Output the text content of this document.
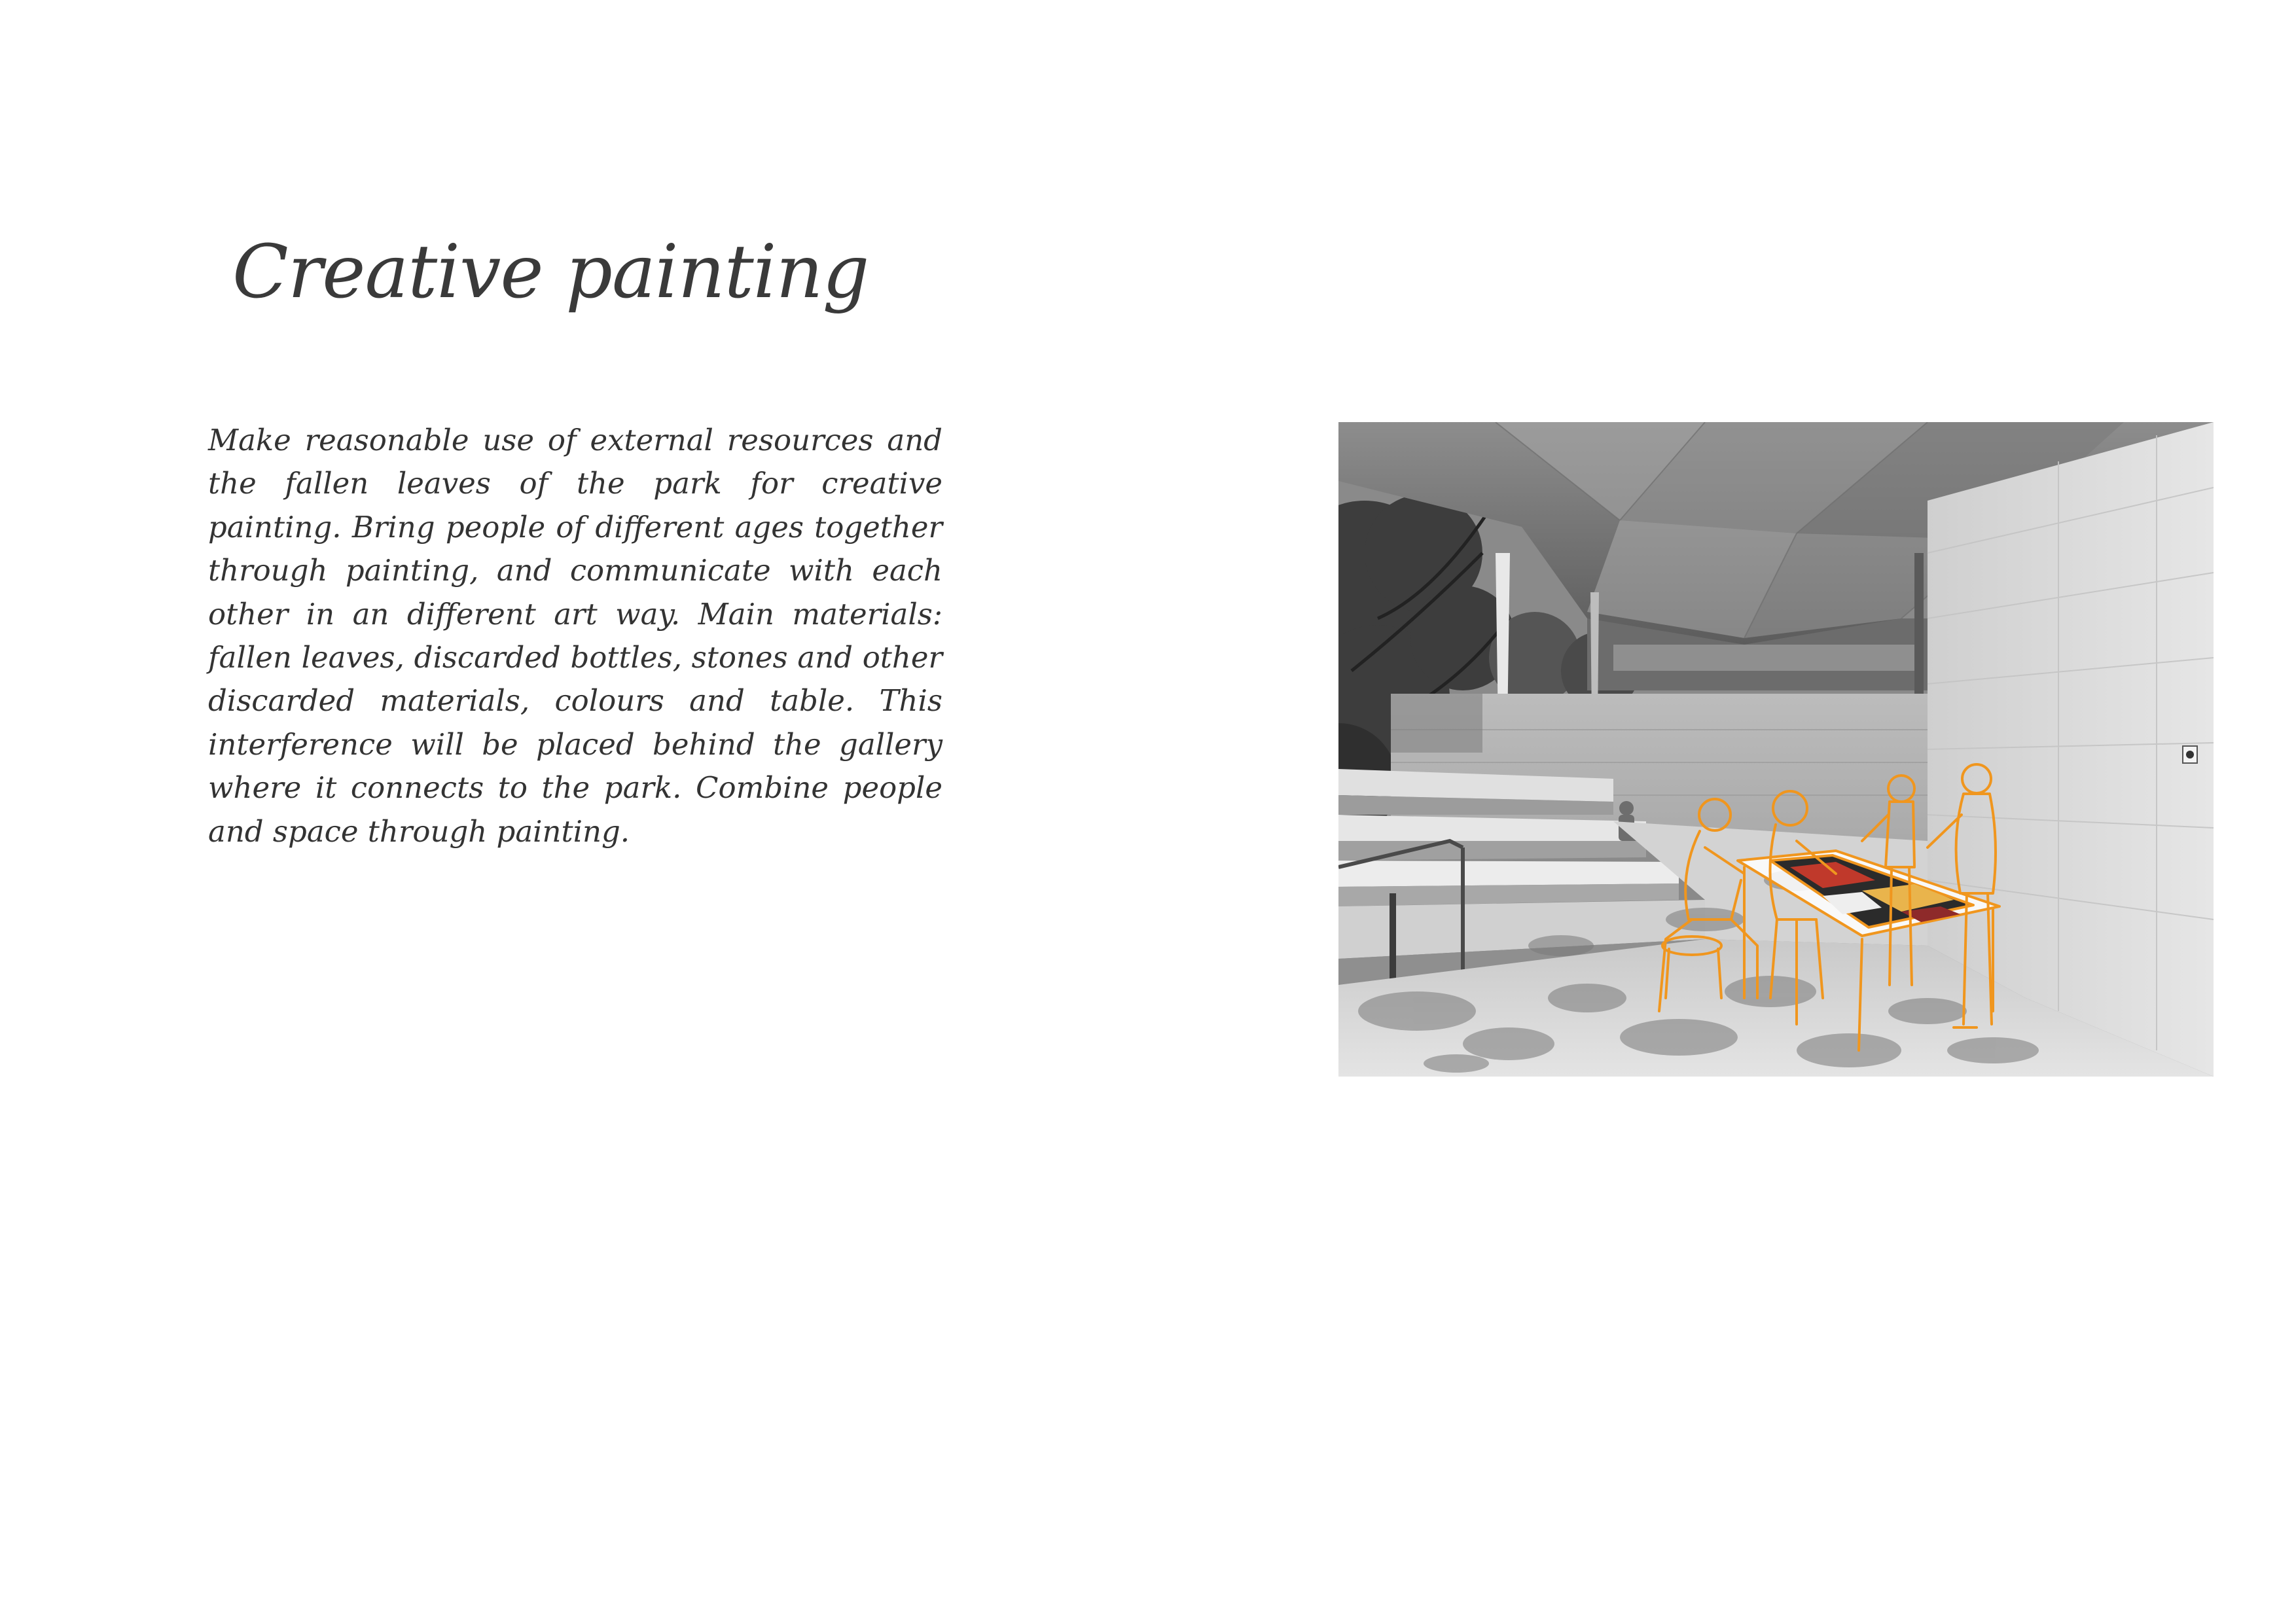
Creative painting

Make reasonable use of external resources and the fallen leaves of the park for creative painting. Bring people of different ages together through painting, and communicate with each other in an different art way. Main materials: fallen leaves, discarded bottles, stones and other discarded materials, colours and table. This interference will be placed behind the gallery where it connects to the park. Combine people and space through painting.
